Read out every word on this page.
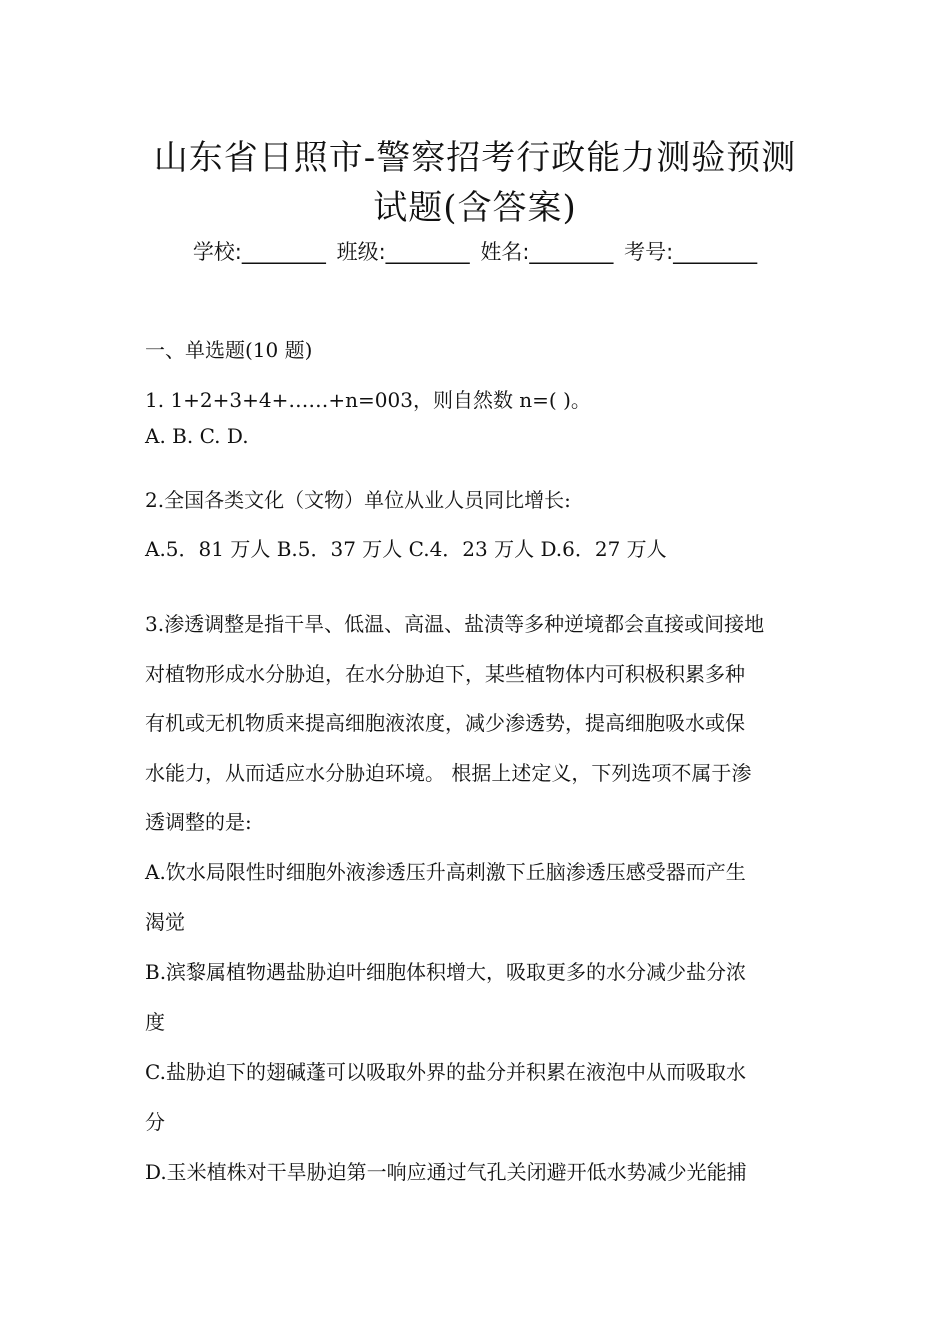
山东省日照市-警察招考行政能力测验预测
试题(含答案)
学校:________ 班级:________ 姓名:________ 考号:________
一、单选题(10 题)
1. 1+2+3+4+……+n=003，则自然数 n=( )。
A. B. C. D.
2.全国各类文化（文物）单位从业人员同比增长:
A.5．81 万人 B.5．37 万人 C.4．23 万人 D.6．27 万人
3.渗透调整是指干旱、低温、高温、盐渍等多种逆境都会直接或间接地
对植物形成水分胁迫，在水分胁迫下，某些植物体内可积极积累多种
有机或无机物质来提高细胞液浓度，减少渗透势，提高细胞吸水或保
水能力，从而适应水分胁迫环境。 根据上述定义，下列选项不属于渗
透调整的是:
A.饮水局限性时细胞外液渗透压升高刺激下丘脑渗透压感受器而产生
渴觉
B.滨黎属植物遇盐胁迫叶细胞体积增大，吸取更多的水分减少盐分浓
度
C.盐胁迫下的翅碱蓬可以吸取外界的盐分并积累在液泡中从而吸取水
分
D.玉米植株对干旱胁迫第一响应通过气孔关闭避开低水势减少光能捕
